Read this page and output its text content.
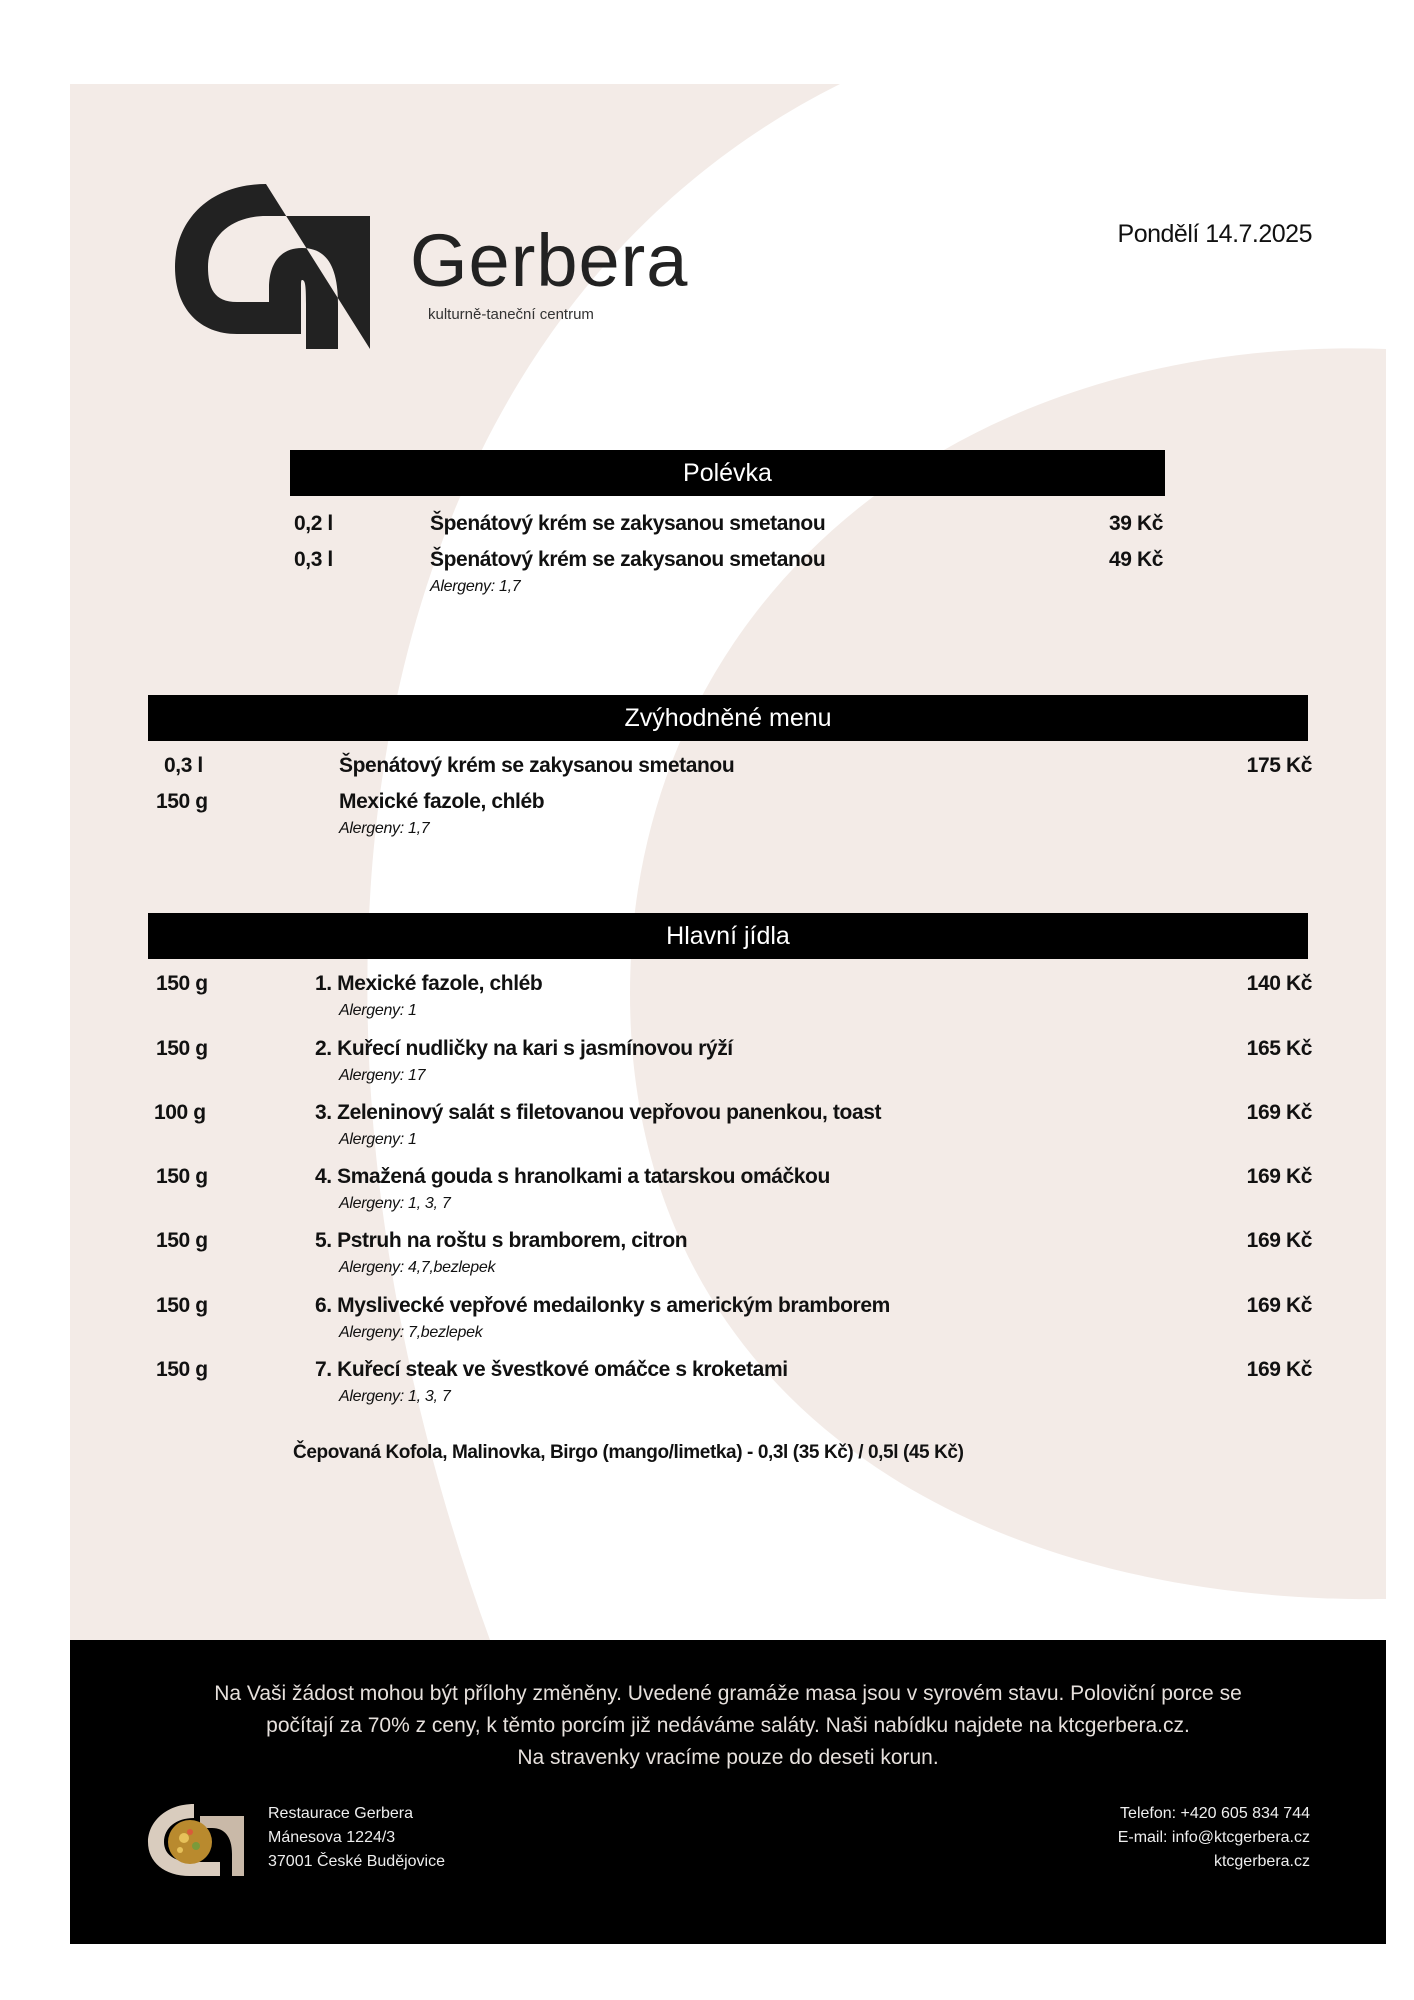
Gerbera
kulturně-taneční centrum
Pondělí 14.7.2025
Polévka
0,2 l	Špenátový krém se zakysanou smetanou	39 Kč
0,3 l	Špenátový krém se zakysanou smetanou	49 Kč
Alergeny: 1,7
Zvýhodněné menu
0,3 l	Špenátový krém se zakysanou smetanou	175 Kč
150 g	Mexické fazole, chléb
Alergeny: 1,7
Hlavní jídla
150 g	1. Mexické fazole, chléb	140 Kč
Alergeny: 1
150 g	2. Kuřecí nudličky na kari s jasmínovou rýží	165 Kč
Alergeny: 17
100 g	3. Zeleninový salát s filetovanou vepřovou panenkou, toast	169 Kč
Alergeny: 1
150 g	4. Smažená gouda s hranolkami a tatarskou omáčkou	169 Kč
Alergeny: 1, 3, 7
150 g	5. Pstruh na roštu s bramborem, citron	169 Kč
Alergeny: 4,7,bezlepek
150 g	6. Myslivecké vepřové medailonky s americkým bramborem	169 Kč
Alergeny: 7,bezlepek
150 g	7. Kuřecí steak ve švestkové omáčce s kroketami	169 Kč
Alergeny: 1, 3, 7
Čepovaná Kofola, Malinovka, Birgo (mango/limetka) - 0,3l (35 Kč) / 0,5l (45 Kč)
Na Vaši žádost mohou být přílohy změněny. Uvedené gramáže masa jsou v syrovém stavu. Poloviční porce se
počítají za 70% z ceny, k těmto porcím již nedáváme saláty. Naši nabídku najdete na ktcgerbera.cz.
Na stravenky vracíme pouze do deseti korun.
Restaurace Gerbera
Mánesova 1224/3
37001 České Budějovice
Telefon: +420 605 834 744
E-mail: info@ktcgerbera.cz
ktcgerbera.cz
